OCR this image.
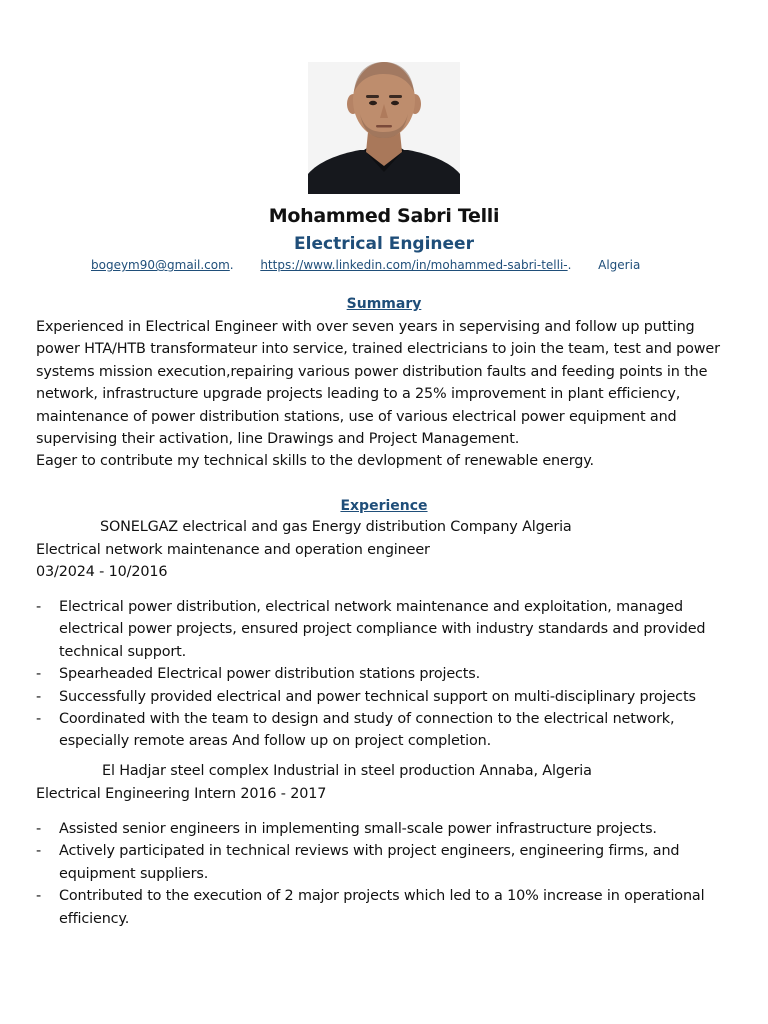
Mohammed Sabri Telli
Electrical Engineer
bogeym90@gmail.com.       https://www.linkedin.com/in/mohammed-sabri-telli-.       Algeria
Summary
Experienced in Electrical Engineer with over seven years in sepervising and follow up putting power HTA/HTB transformateur into service, trained electricians to join the team, test and power systems mission execution,repairing various power distribution faults and feeding points in the network, infrastructure upgrade projects leading to a 25% improvement in plant efficiency, maintenance of power distribution stations, use of various electrical power equipment and supervising their activation, line Drawings and Project Management.
Eager to contribute my technical skills to the devlopment of renewable energy.
Experience
SONELGAZ electrical and gas Energy distribution Company Algeria
Electrical network maintenance and operation engineer
03/2024 - 10/2016
- Electrical power distribution, electrical network maintenance and exploitation, managed electrical power projects, ensured project compliance with industry standards and provided technical support.
- Spearheaded Electrical power distribution stations projects.
- Successfully provided electrical and power technical support on multi-disciplinary projects
- Coordinated with the team to design and study of connection to the electrical network, especially remote areas And follow up on project completion.
El Hadjar steel complex Industrial in steel production Annaba, Algeria
Electrical Engineering Intern 2016 - 2017
- Assisted senior engineers in implementing small-scale power infrastructure projects.
- Actively participated in technical reviews with project engineers, engineering firms, and equipment suppliers.
- Contributed to the execution of 2 major projects which led to a 10% increase in operational efficiency.
